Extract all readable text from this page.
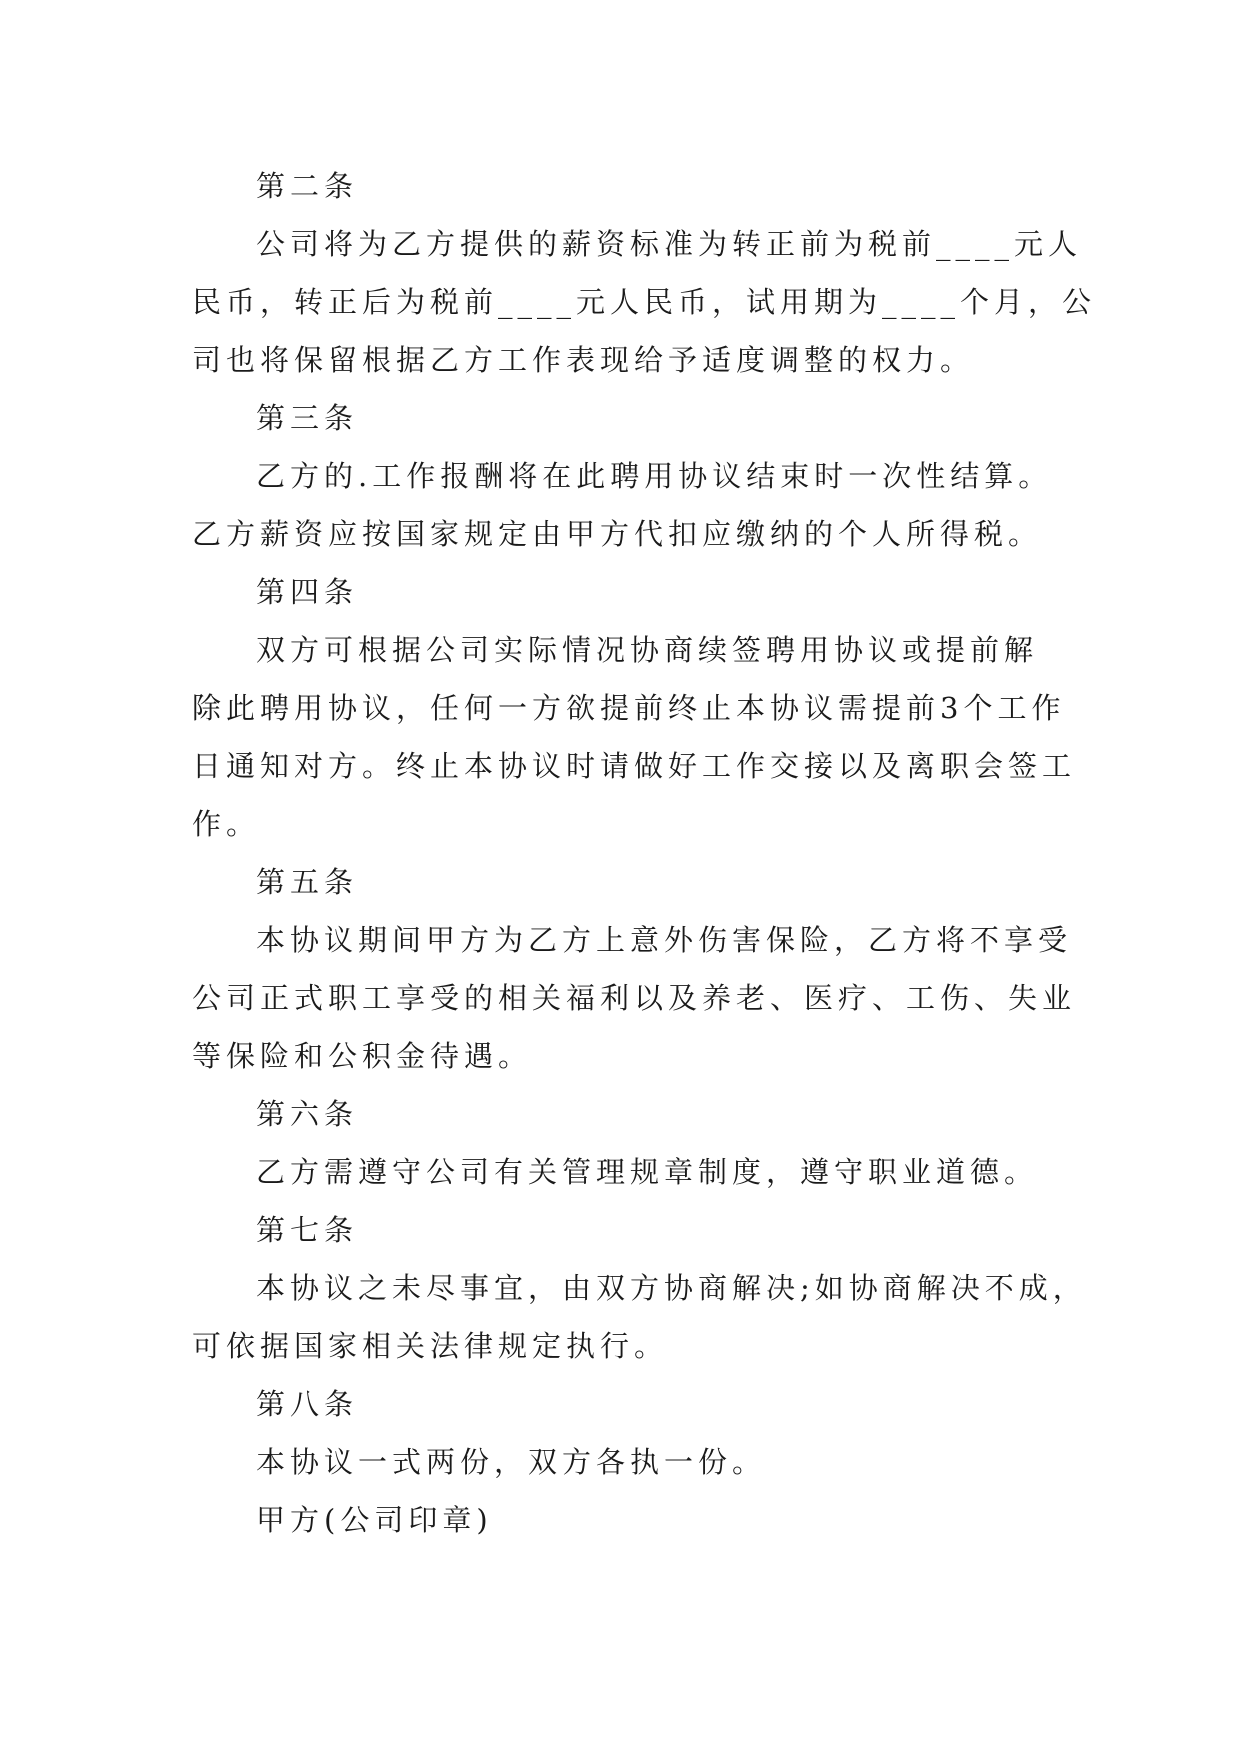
第二条
公司将为乙方提供的薪资标准为转正前为税前____元人
民币，转正后为税前____元人民币，试用期为____个月，公
司也将保留根据乙方工作表现给予适度调整的权力。
第三条
乙方的.工作报酬将在此聘用协议结束时一次性结算。
乙方薪资应按国家规定由甲方代扣应缴纳的个人所得税。
第四条
双方可根据公司实际情况协商续签聘用协议或提前解
除此聘用协议，任何一方欲提前终止本协议需提前3个工作
日通知对方。终止本协议时请做好工作交接以及离职会签工
作。
第五条
本协议期间甲方为乙方上意外伤害保险，乙方将不享受
公司正式职工享受的相关福利以及养老、医疗、工伤、失业
等保险和公积金待遇。
第六条
乙方需遵守公司有关管理规章制度，遵守职业道德。
第七条
本协议之未尽事宜，由双方协商解决;如协商解决不成，
可依据国家相关法律规定执行。
第八条
本协议一式两份，双方各执一份。
甲方(公司印章)
